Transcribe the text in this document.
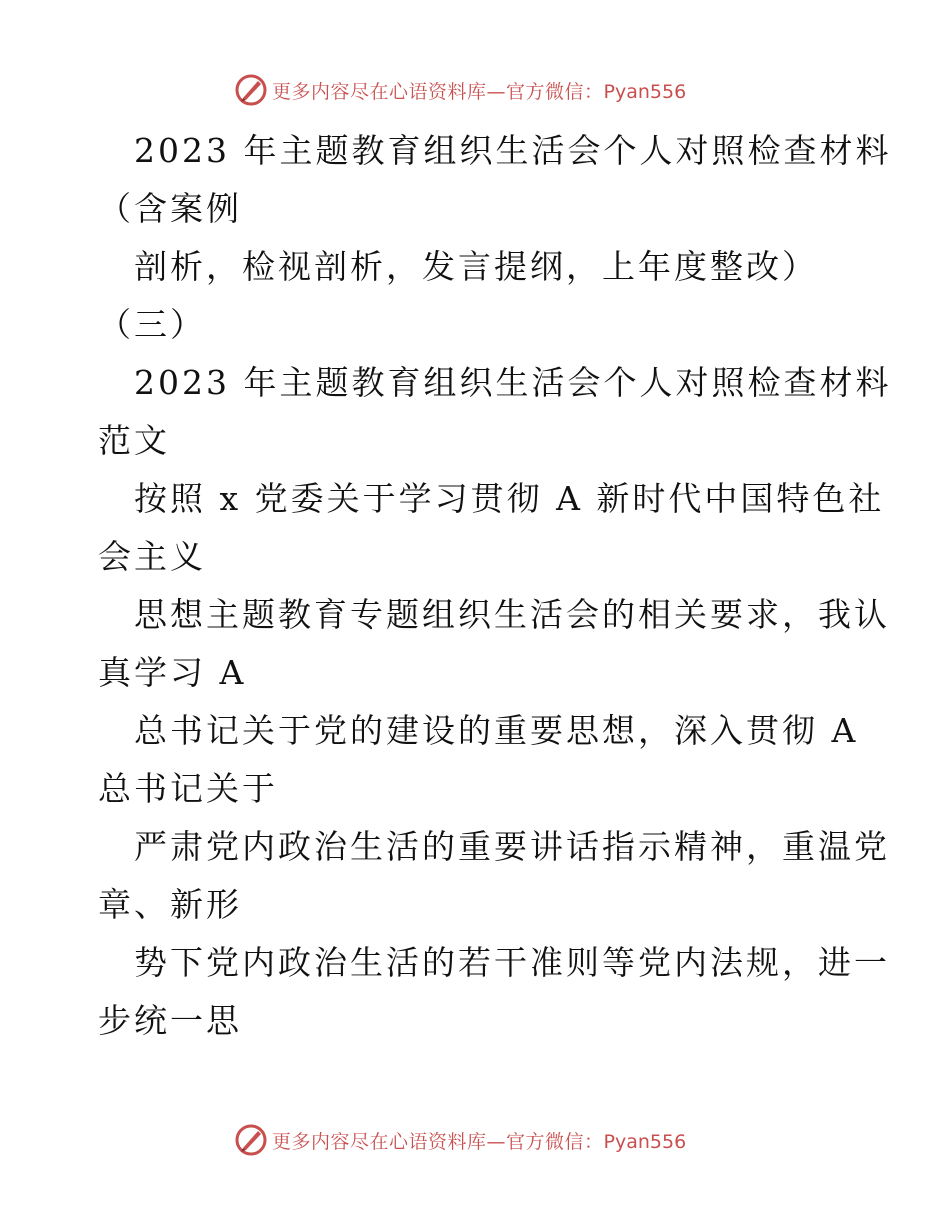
更多内容尽在心语资料库—官方微信：Pyan556
2023 年主题教育组织生活会个人对照检查材料
（含案例
剖析，检视剖析，发言提纲，上年度整改）
（三）
2023 年主题教育组织生活会个人对照检查材料
范文
按照 x 党委关于学习贯彻 A 新时代中国特色社
会主义
思想主题教育专题组织生活会的相关要求，我认
真学习 A
总书记关于党的建设的重要思想，深入贯彻 A
总书记关于
严肃党内政治生活的重要讲话指示精神，重温党
章、新形
势下党内政治生活的若干准则等党内法规，进一
步统一思
更多内容尽在心语资料库—官方微信：Pyan556
